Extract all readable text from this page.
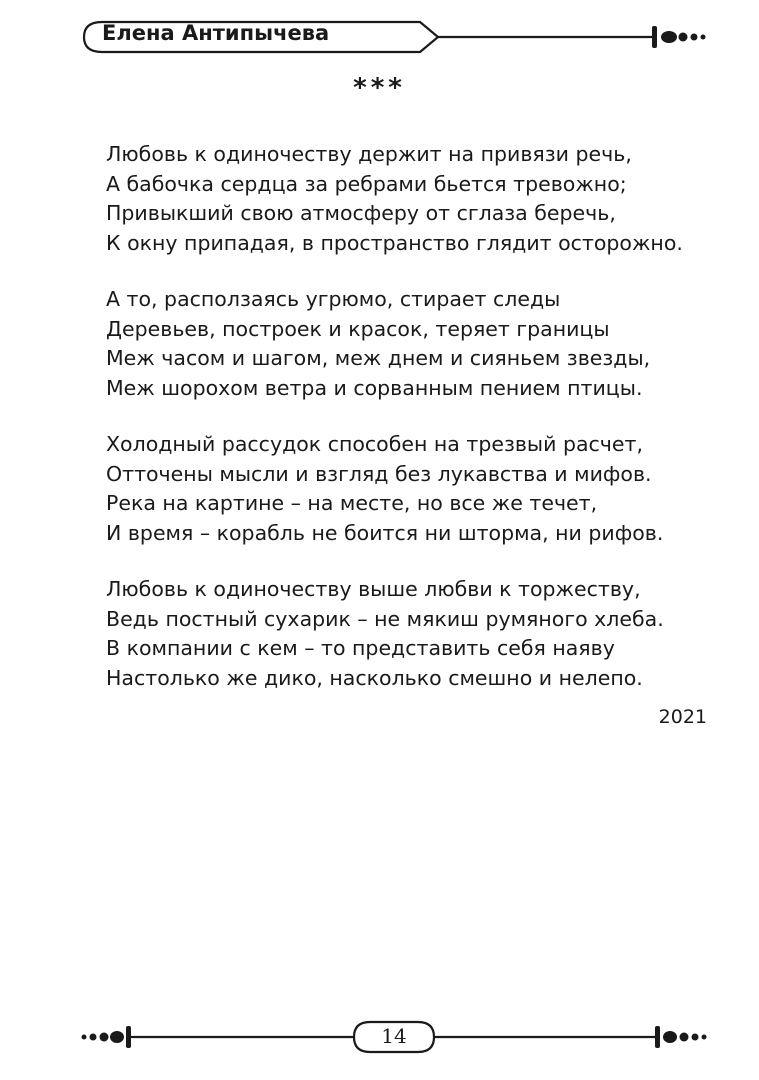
Елена Антипычева
***
Любовь к одиночеству держит на привязи речь,
А бабочка сердца за ребрами бьется тревожно;
Привыкший свою атмосферу от сглаза беречь,
К окну припадая, в пространство глядит осторожно.
А то, расползаясь угрюмо, стирает следы
Деревьев, построек и красок, теряет границы
Меж часом и шагом, меж днем и сияньем звезды,
Меж шорохом ветра и сорванным пением птицы.
Холодный рассудок способен на трезвый расчет,
Отточены мысли и взгляд без лукавства и мифов.
Река на картине – на месте, но все же течет,
И время – корабль не боится ни шторма, ни рифов.
Любовь к одиночеству выше любви к торжеству,
Ведь постный сухарик – не мякиш румяного хлеба.
В компании с кем – то представить себя наяву
Настолько же дико, насколько смешно и нелепо.
2021
14
